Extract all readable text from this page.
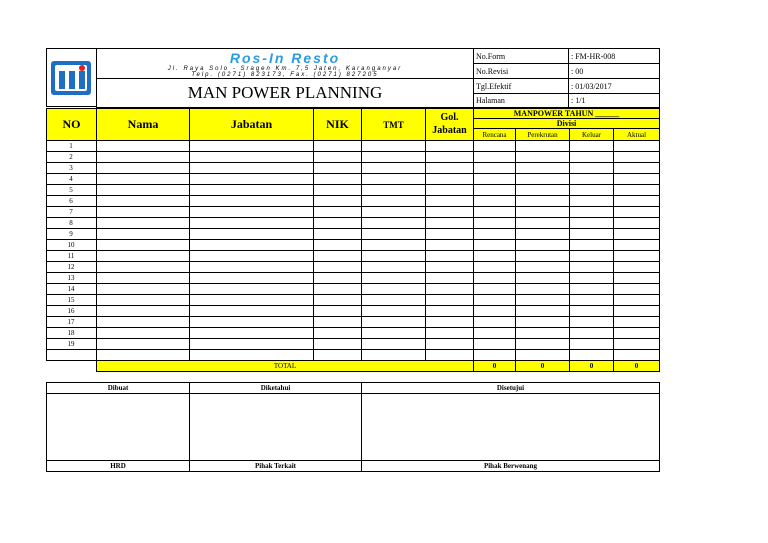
Ros-In Resto
Jl. Raya Solo - Sragen Km. 7,5 Jaten, Karanganyar
Telp. (0271) 823173, Fax. (0271) 827205
MAN POWER PLANNING
No.Form	: FM-HR-008
No.Revisi	: 00
Tgl.Efektif	: 01/03/2017
Halaman	: 1/1
NO	Nama	Jabatan	NIK	TMT
Gol.
Jabatan
MANPOWER TAHUN ______
Divisi
Rencana	Perekrutan	Keluar	Aktual
1
2
3
4
5
6
7
8
9
10
11
12
13
14
15
16
17
18
19
TOTAL	0	0	0	0
Dibuat	Diketahui	Disetujui
HRD	Pihak Terkait	Pihak Berwenang
